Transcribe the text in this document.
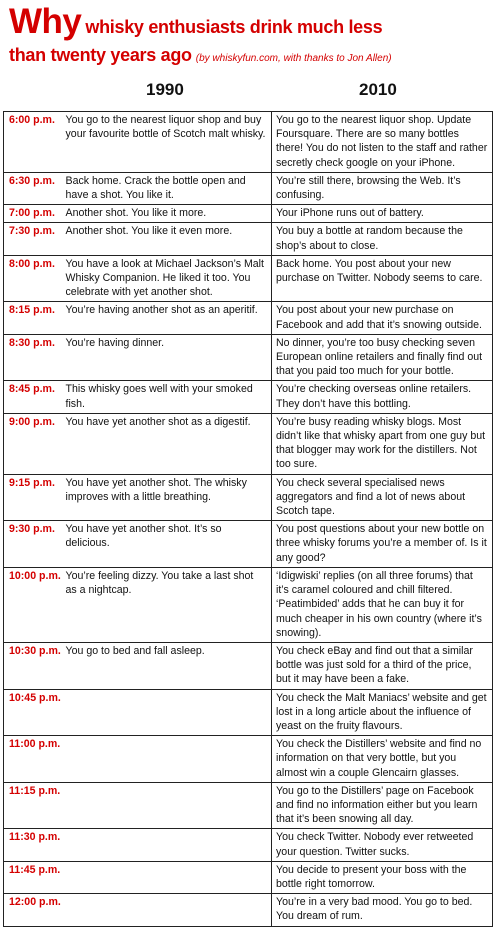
Why whisky enthusiasts drink much less
than twenty years ago (by whiskyfun.com, with thanks to Jon Allen)
1990	2010
6:00 p.m.	You go to the nearest liquor shop and buy your favourite bottle of Scotch malt whisky.	You go to the nearest liquor shop. Update Foursquare. There are so many bottles there! You do not listen to the staff and rather secretly check google on your iPhone.
6:30 p.m.	Back home. Crack the bottle open and have a shot. You like it.	You’re still there, browsing the Web. It’s confusing.
7:00 p.m.	Another shot. You like it more.	Your iPhone runs out of battery.
7:30 p.m.	Another shot. You like it even more.	You buy a bottle at random because the shop’s about to close.
8:00 p.m.	You have a look at Michael Jackson’s Malt Whisky Companion. He liked it too. You celebrate with yet another shot.	Back home. You post about your new purchase on Twitter. Nobody seems to care.
8:15 p.m.	You’re having another shot as an aperitif.	You post about your new purchase on Facebook and add that it’s snowing outside.
8:30 p.m.	You’re having dinner.	No dinner, you’re too busy checking seven European online retailers and finally find out that you paid too much for your bottle.
8:45 p.m.	This whisky goes well with your smoked fish.	You’re checking overseas online retailers. They don’t have this bottling.
9:00 p.m.	You have yet another shot as a digestif.	You’re busy reading whisky blogs. Most didn’t like that whisky apart from one guy but that blogger may work for the distillers. Not too sure.
9:15 p.m.	You have yet another shot. The whisky improves with a little breathing.	You check several specialised news aggregators and find a lot of news about Scotch tape.
9:30 p.m.	You have yet another shot. It’s so delicious.	You post questions about your new bottle on three whisky forums you’re a member of. Is it any good?
10:00 p.m.	You’re feeling dizzy. You take a last shot as a nightcap.	‘Idigwiski’ replies (on all three forums) that it’s caramel coloured and chill filtered.
‘Peatimbided’ adds that he can buy it for much cheaper in his own country (where it’s snowing).

10:30 p.m.	You go to bed and fall asleep.	You check eBay and find out that a similar bottle was just sold for a third of the price, but it may have been a fake.
10:45 p.m.		You check the Malt Maniacs’ website and get lost in a long article about the influence of yeast on the fruity flavours.
11:00 p.m.		You check the Distillers’ website and find no information on that very bottle, but you almost win a couple Glencairn glasses.
11:15 p.m.		You go to the Distillers’ page on Facebook and find no information either but you learn that it’s been snowing all day.
11:30 p.m.		You check Twitter. Nobody ever retweeted your question. Twitter sucks.
11:45 p.m.		You decide to present your boss with the bottle right tomorrow.
12:00 p.m.		You’re in a very bad mood. You go to bed. You dream of rum.
